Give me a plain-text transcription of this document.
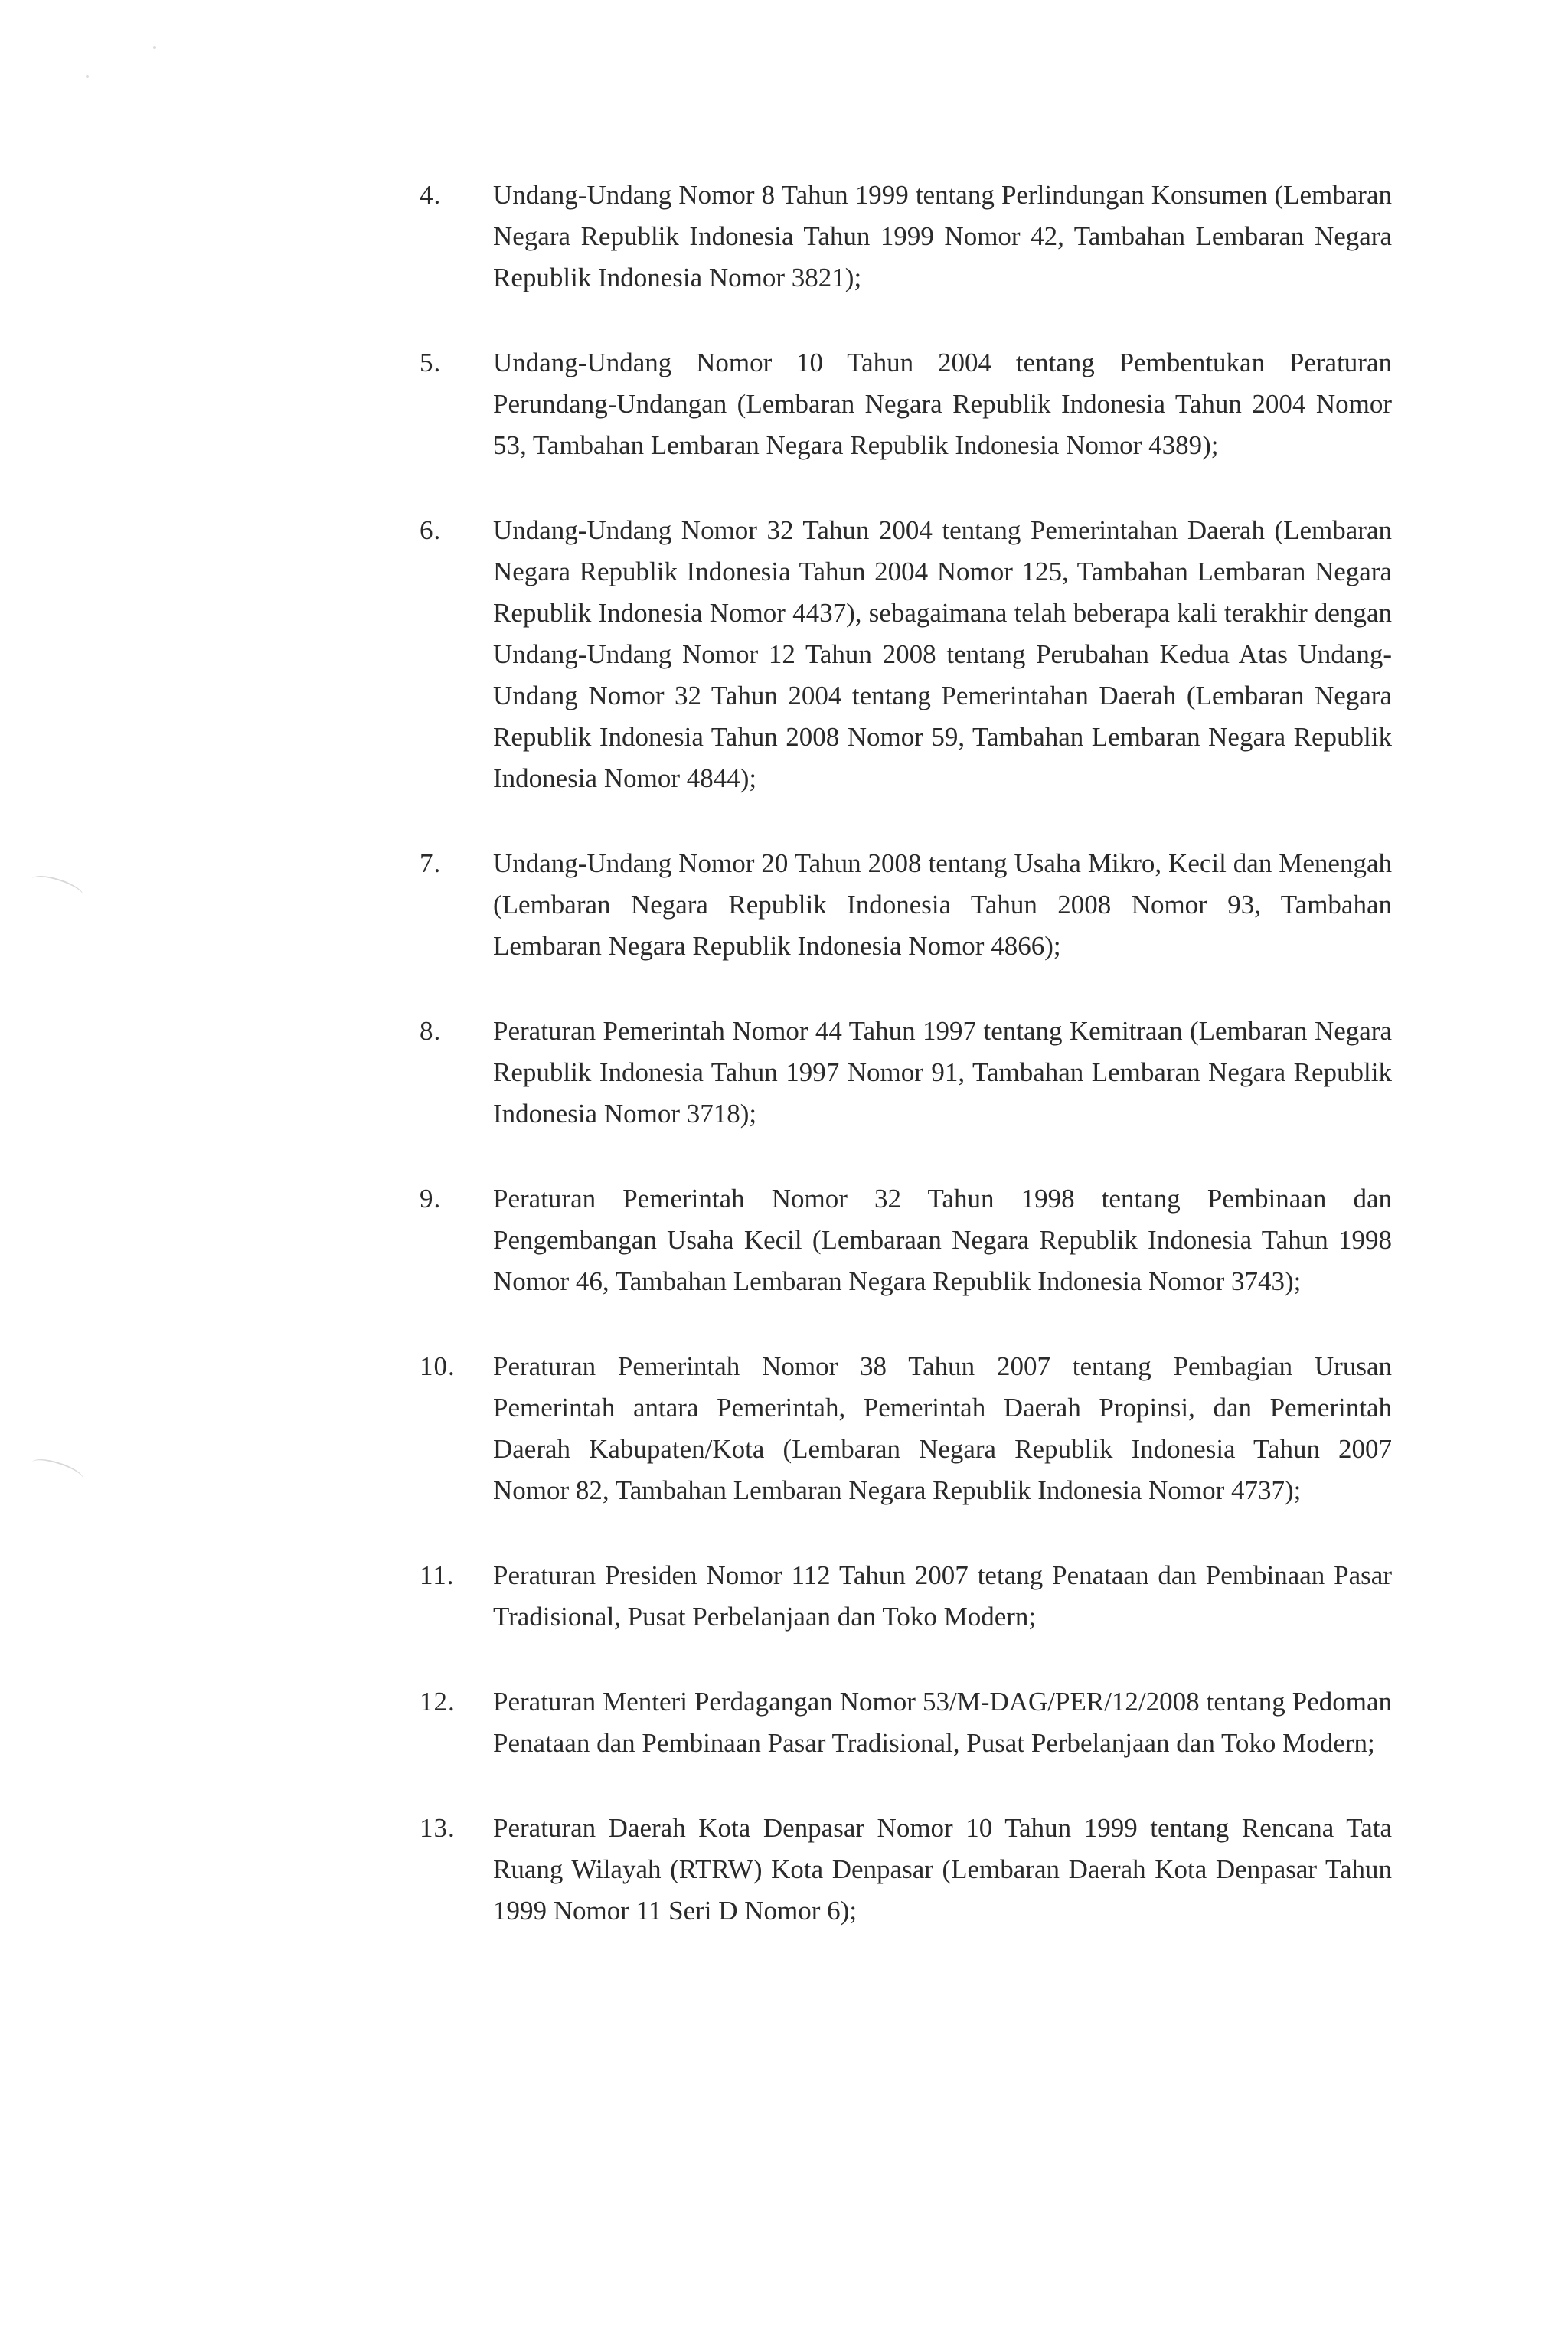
4. Undang-Undang Nomor 8 Tahun 1999 tentang Perlindungan Konsumen (Lembaran Negara Republik Indonesia Tahun 1999 Nomor 42, Tambahan Lembaran Negara Republik Indonesia Nomor 3821);
5. Undang-Undang Nomor 10 Tahun 2004 tentang Pembentukan Peraturan Perundang-Undangan (Lembaran Negara Republik Indonesia Tahun 2004 Nomor 53, Tambahan Lembaran Negara Republik Indonesia Nomor 4389);
6. Undang-Undang Nomor 32 Tahun 2004 tentang Pemerintahan Daerah (Lembaran Negara Republik Indonesia Tahun 2004 Nomor 125, Tambahan Lembaran Negara Republik Indonesia Nomor 4437), sebagaimana telah beberapa kali terakhir dengan Undang-Undang Nomor 12 Tahun 2008 tentang Perubahan Kedua Atas Undang-Undang Nomor 32 Tahun 2004 tentang Pemerintahan Daerah (Lembaran Negara Republik Indonesia Tahun 2008 Nomor 59, Tambahan Lembaran Negara Republik Indonesia Nomor 4844);
7. Undang-Undang Nomor 20 Tahun 2008 tentang Usaha Mikro, Kecil dan Menengah (Lembaran Negara Republik Indonesia Tahun 2008 Nomor 93, Tambahan Lembaran Negara Republik Indonesia Nomor 4866);
8. Peraturan Pemerintah Nomor 44 Tahun 1997 tentang Kemitraan (Lembaran Negara Republik Indonesia Tahun 1997 Nomor 91, Tambahan Lembaran Negara Republik Indonesia Nomor 3718);
9. Peraturan Pemerintah Nomor 32 Tahun 1998 tentang Pembinaan dan Pengembangan Usaha Kecil (Lembaraan Negara Republik Indonesia Tahun 1998 Nomor 46, Tambahan Lembaran Negara Republik Indonesia Nomor 3743);
10. Peraturan Pemerintah Nomor 38 Tahun 2007 tentang Pembagian Urusan Pemerintah antara Pemerintah, Pemerintah Daerah Propinsi, dan Pemerintah Daerah Kabupaten/Kota (Lembaran Negara Republik Indonesia Tahun 2007 Nomor 82, Tambahan Lembaran Negara Republik Indonesia Nomor 4737);
11. Peraturan Presiden Nomor 112 Tahun 2007 tetang Penataan dan Pembinaan Pasar Tradisional, Pusat Perbelanjaan dan Toko Modern;
12. Peraturan Menteri Perdagangan Nomor 53/M-DAG/PER/12/2008 tentang Pedoman Penataan dan Pembinaan Pasar Tradisional, Pusat Perbelanjaan dan Toko Modern;
13. Peraturan Daerah Kota Denpasar Nomor 10 Tahun 1999 tentang Rencana Tata Ruang Wilayah (RTRW) Kota Denpasar (Lembaran Daerah Kota Denpasar Tahun 1999 Nomor 11 Seri D Nomor 6);
